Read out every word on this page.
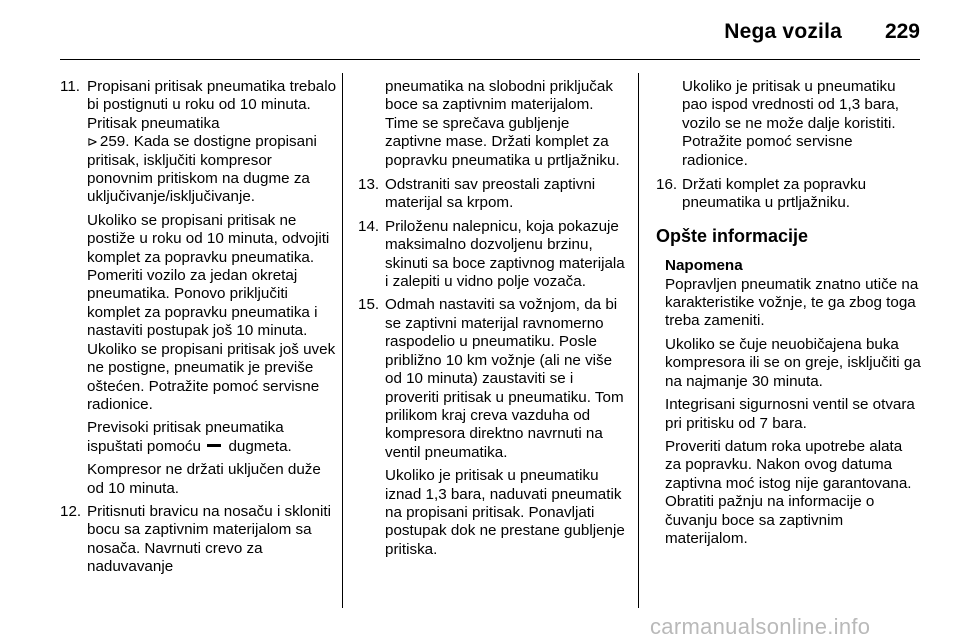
Nega vozila 229
11. Propisani pritisak pneumatika trebalo bi postignuti u roku od 10 minuta. Pritisak pneumatika
⊳ 259. Kada se dostigne propisani pritisak, isključiti kompresor ponovnim pritiskom na dugme za uključivanje/isključivanje.
Ukoliko se propisani pritisak ne postiže u roku od 10 minuta, odvojiti komplet za popravku pneumatika. Pomeriti vozilo za jedan okretaj pneumatika. Ponovo priključiti komplet za popravku pneumatika i nastaviti postupak još 10 minuta. Ukoliko se propisani pritisak još uvek ne postigne, pneumatik je previše oštećen. Potražite pomoć servisne radionice.
Previsoki pritisak pneumatika ispuštati pomoću dugmeta.
Kompresor ne držati uključen duže od 10 minuta.
12. Pritisnuti bravicu na nosaču i skloniti bocu sa zaptivnim materijalom sa nosača. Navrnuti crevo za naduvavanje
pneumatika na slobodni priključak boce sa zaptivnim materijalom. Time se sprečava gubljenje zaptivne mase. Držati komplet za popravku pneumatika u prtljažniku.
13. Odstraniti sav preostali zaptivni materijal sa krpom.
14. Priloženu nalepnicu, koja pokazuje maksimalno dozvoljenu brzinu, skinuti sa boce zaptivnog materijala i zalepiti u vidno polje vozača.
15. Odmah nastaviti sa vožnjom, da bi se zaptivni materijal ravnomerno raspodelio u pneumatiku. Posle približno 10 km vožnje (ali ne više od 10 minuta) zaustaviti se i proveriti pritisak u pneumatiku. Tom prilikom kraj creva vazduha od kompresora direktno navrnuti na ventil pneumatika.
Ukoliko je pritisak u pneumatiku iznad 1,3 bara, naduvati pneumatik na propisani pritisak. Ponavljati postupak dok ne prestane gubljenje pritiska.
Ukoliko je pritisak u pneumatiku pao ispod vrednosti od 1,3 bara, vozilo se ne može dalje koristiti. Potražite pomoć servisne radionice.
16. Držati komplet za popravku pneumatika u prtljažniku.
Opšte informacije
Napomena
Popravljen pneumatik znatno utiče na karakteristike vožnje, te ga zbog toga treba zameniti.
Ukoliko se čuje neuobičajena buka kompresora ili se on greje, isključiti ga na najmanje 30 minuta.
Integrisani sigurnosni ventil se otvara pri pritisku od 7 bara.
Proveriti datum roka upotrebe alata za popravku. Nakon ovog datuma zaptivna moć istog nije garantovana. Obratiti pažnju na informacije o čuvanju boce sa zaptivnim materijalom.
carmanualsonline.info
